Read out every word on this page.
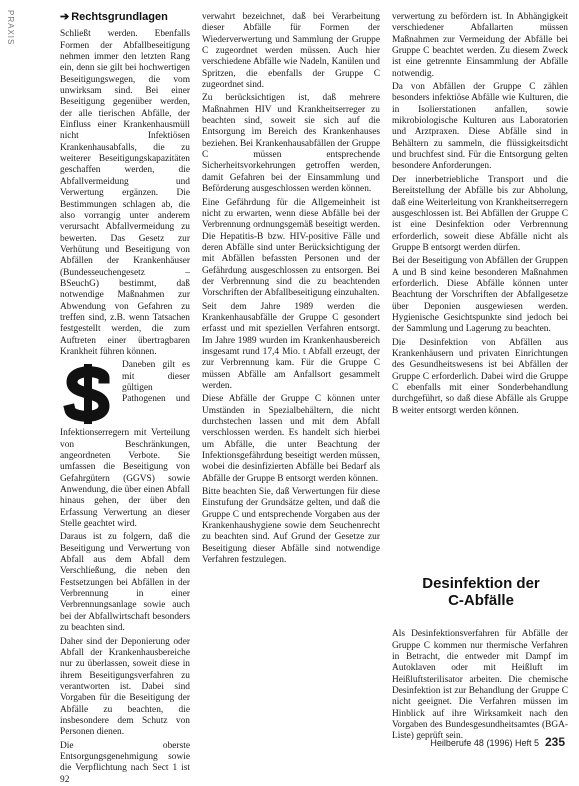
PRAXIS	➔ Rechtsgrundlagen

Schließt werden. Ebenfalls Formen der Abfallbeseitigung nehmen immer den letzten Rang ein, denn sie gilt bei hochwertigen Beseitigungswegen, die vom unwirksam sind. Bei einer Beseitigung gegenüber werden, der alle tierischen Abfälle, der Einfluss einer Krankenhausmüll nicht Infektiösen Krankenhausabfalls, die zu weiterer Beseitigungskapazitäten geschaffen werden, die Abfallvermeidung und Verwertung ergänzen. Die Bestimmungen schlagen ab, die also vorrangig unter anderem verursacht Abfallvermeidung zu bewerten. Das Gesetz zur Verhütung und Beseitigung von Abfällen der Krankenhäuser (Bundesseuchengesetz – BSeuchG) bestimmt, daß notwendige Maßnahmen zur Abwendung von Gefahren zu treffen sind, z.B. wenn Tatsachen festgestellt werden, die zum Auftreten einer übertragbaren Krankheit führen können.

Daneben gilt es mit dieser gültigen Pathogenen und Infektionserregern mit Verteilung von Beschränkungen, angeordneten Verbote. Sie umfassen die Beseitigung von Gefahrgütern (GGVS) sowie Anwendung, die über einen Abfall hinaus gehen, der über den Erfassung Verwertung an dieser Stelle geachtet wird.

Daraus ist zu folgern, daß die Beseitigung und Verwertung von Abfall aus dem Abfall dem Verschließung, die neben den Festsetzungen bei Abfällen in der Verbrennung in einer Verbrennungsanlage sowie auch bei der Abfallwirtschaft besonders zu beachten sind.

Daher sind der Deponierung oder Abfall der Krankenhausbereiche nur zu überlassen, soweit diese in ihrem Beseitigungsverfahren zu verantworten ist. Dabei sind Vorgaben für die Beseitigung der Abfälle zu beachten, die insbesondere dem Schutz von Personen dienen.

Die oberste Entsorgungsgenehmigung sowie die Verpflichtung nach Sect 1 ist 92

verwahrt bezeichnet, daß bei Verarbeitung dieser Abfälle für Formen der Wiederverwertung und Sammlung der Gruppe C zugeordnet werden müssen. Auch hier verschiedene Abfälle wie Nadeln, Kanülen und Spritzen, die ebenfalls der Gruppe C zugeordnet sind.

Zu berücksichtigen ist, daß mehrere Maßnahmen HIV und Krankheitserreger zu beachten sind, soweit sie sich auf die Entsorgung im Bereich des Krankenhauses beziehen. Bei Krankenhausabfällen der Gruppe C müssen entsprechende Sicherheitsvorkehrungen getroffen werden, damit Gefahren bei der Einsammlung und Beförderung ausgeschlossen werden können.

Eine Gefährdung für die Allgemeinheit ist nicht zu erwarten, wenn diese Abfälle bei der Verbrennung ordnungsgemäß beseitigt werden. Die Hepatitis-B bzw. HIV-positive Fälle und deren Abfälle sind unter Berücksichtigung der mit Abfällen befassten Personen und der Gefährdung ausgeschlossen zu entsorgen. Bei der Verbrennung sind die zu beachtenden Vorschriften der Abfallbeseitigung einzuhalten.

Seit dem Jahre 1989 werden die Krankenhausabfälle der Gruppe C gesondert erfasst und mit speziellen Verfahren entsorgt. Im Jahre 1989 wurden im Krankenhausbereich insgesamt rund 17,4 Mio. t Abfall erzeugt, der zur Verbrennung kam. Für die Gruppe C müssen Abfälle am Anfallsort gesammelt werden.

Diese Abfälle der Gruppe C können unter Umständen in Spezialbehältern, die nicht durchstechen lassen und mit dem Abfall verschlossen werden. Es handelt sich hierbei um Abfälle, die unter Beachtung der Infektionsgefährdung beseitigt werden müssen, wobei die desinfizierten Abfälle bei Bedarf als Abfälle der Gruppe B entsorgt werden können.

Bitte beachten Sie, daß Verwertungen für diese Einstufung der Grundsätze gelten, und daß die Gruppe C und entsprechende Vorgaben aus der Krankenhaushygiene sowie dem Seuchenrecht zu beachten sind. Auf Grund der Gesetze zur Beseitigung dieser Abfälle sind notwendige Verfahren festzulegen.

verwertung zu befördern ist. In Abhängigkeit verschiedener Abfallarten müssen Maßnahmen zur Vermeidung der Abfälle bei Gruppe C beachtet werden. Zu diesem Zweck ist eine getrennte Einsammlung der Abfälle notwendig.

Da von Abfällen der Gruppe C zählen besonders infektiöse Abfälle wie Kulturen, die in Isolierstationen anfallen, sowie mikrobiologische Kulturen aus Laboratorien und Arztpraxen. Diese Abfälle sind in Behältern zu sammeln, die flüssigkeitsdicht und bruchfest sind. Für die Entsorgung gelten besondere Anforderungen.

Der innerbetriebliche Transport und die Bereitstellung der Abfälle bis zur Abholung, daß eine Weiterleitung von Krankheitserregern ausgeschlossen ist. Bei Abfällen der Gruppe C ist eine Desinfektion oder Verbrennung erforderlich, soweit diese Abfälle nicht als Gruppe B entsorgt werden dürfen.

Bei der Beseitigung von Abfällen der Gruppen A und B sind keine besonderen Maßnahmen erforderlich. Diese Abfälle können unter Beachtung der Vorschriften der Abfallgesetze über Deponien ausgewiesen werden. Hygienische Gesichtspunkte sind jedoch bei der Sammlung und Lagerung zu beachten.

Die Desinfektion von Abfällen aus Krankenhäusern und privaten Einrichtungen des Gesundheitswesens ist bei Abfällen der Gruppe C erforderlich. Dabei wird die Gruppe C ebenfalls mit einer Sonderbehandlung durchgeführt, so daß diese Abfälle als Gruppe B weiter entsorgt werden können.

Desinfektion der
C-Abfälle

Als Desinfektionsverfahren für Abfälle der Gruppe C kommen nur thermische Verfahren in Betracht, die entweder mit Dampf im Autoklaven oder mit Heißluft im Heißluftsterilisator arbeiten. Die chemische Desinfektion ist zur Behandlung der Gruppe C nicht geeignet. Die Verfahren müssen im Hinblick auf ihre Wirksamkeit nach den Vorgaben des Bundesgesundheitsamtes (BGA-Liste) geprüft sein.

Heilberufe 48 (1996) Heft 5 235
